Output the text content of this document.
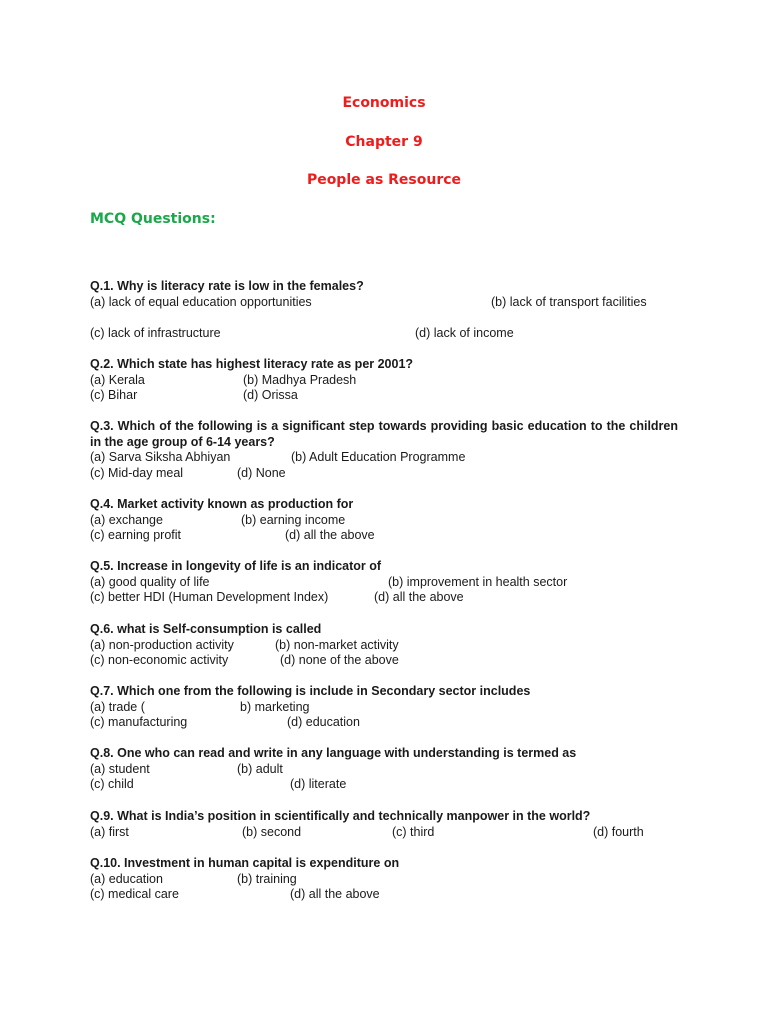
Economics
Chapter 9
People as Resource
MCQ Questions:

Q.1. Why is literacy rate is low in the females?

(a) lack of equal education opportunities	(b) lack of transport facilities
(c) lack of infrastructure	(d) lack of income

Q.2. Which state has highest literacy rate as per 2001?

(a) Kerala	(b) Madhya Pradesh
(c) Bihar	(d) Orissa

Q.3. Which of the following is a significant step towards providing basic education to the children in the age group of 6-14 years?

(a) Sarva Siksha Abhiyan	(b) Adult Education Programme
(c) Mid-day meal	(d) None

Q.4. Market activity known as production for

(a) exchange	(b) earning income
(c) earning profit	(d) all the above

Q.5. Increase in longevity of life is an indicator of

(a) good quality of life	(b) improvement in health sector
(c) better HDI (Human Development Index)	(d) all the above

Q.6. what is Self-consumption is called

(a) non-production activity	(b) non-market activity
(c) non-economic activity	(d) none of the above

Q.7. Which one from the following is include in Secondary sector includes

(a) trade (	b) marketing
(c) manufacturing	(d) education

Q.8. One who can read and write in any language with understanding is termed as

(a) student	(b) adult
(c) child	(d) literate

Q.9. What is India’s position in scientifically and technically manpower in the world?

(a) first	(b) second	(c) third	(d) fourth

Q.10. Investment in human capital is expenditure on

(a) education	(b) training
(c) medical care	(d) all the above
